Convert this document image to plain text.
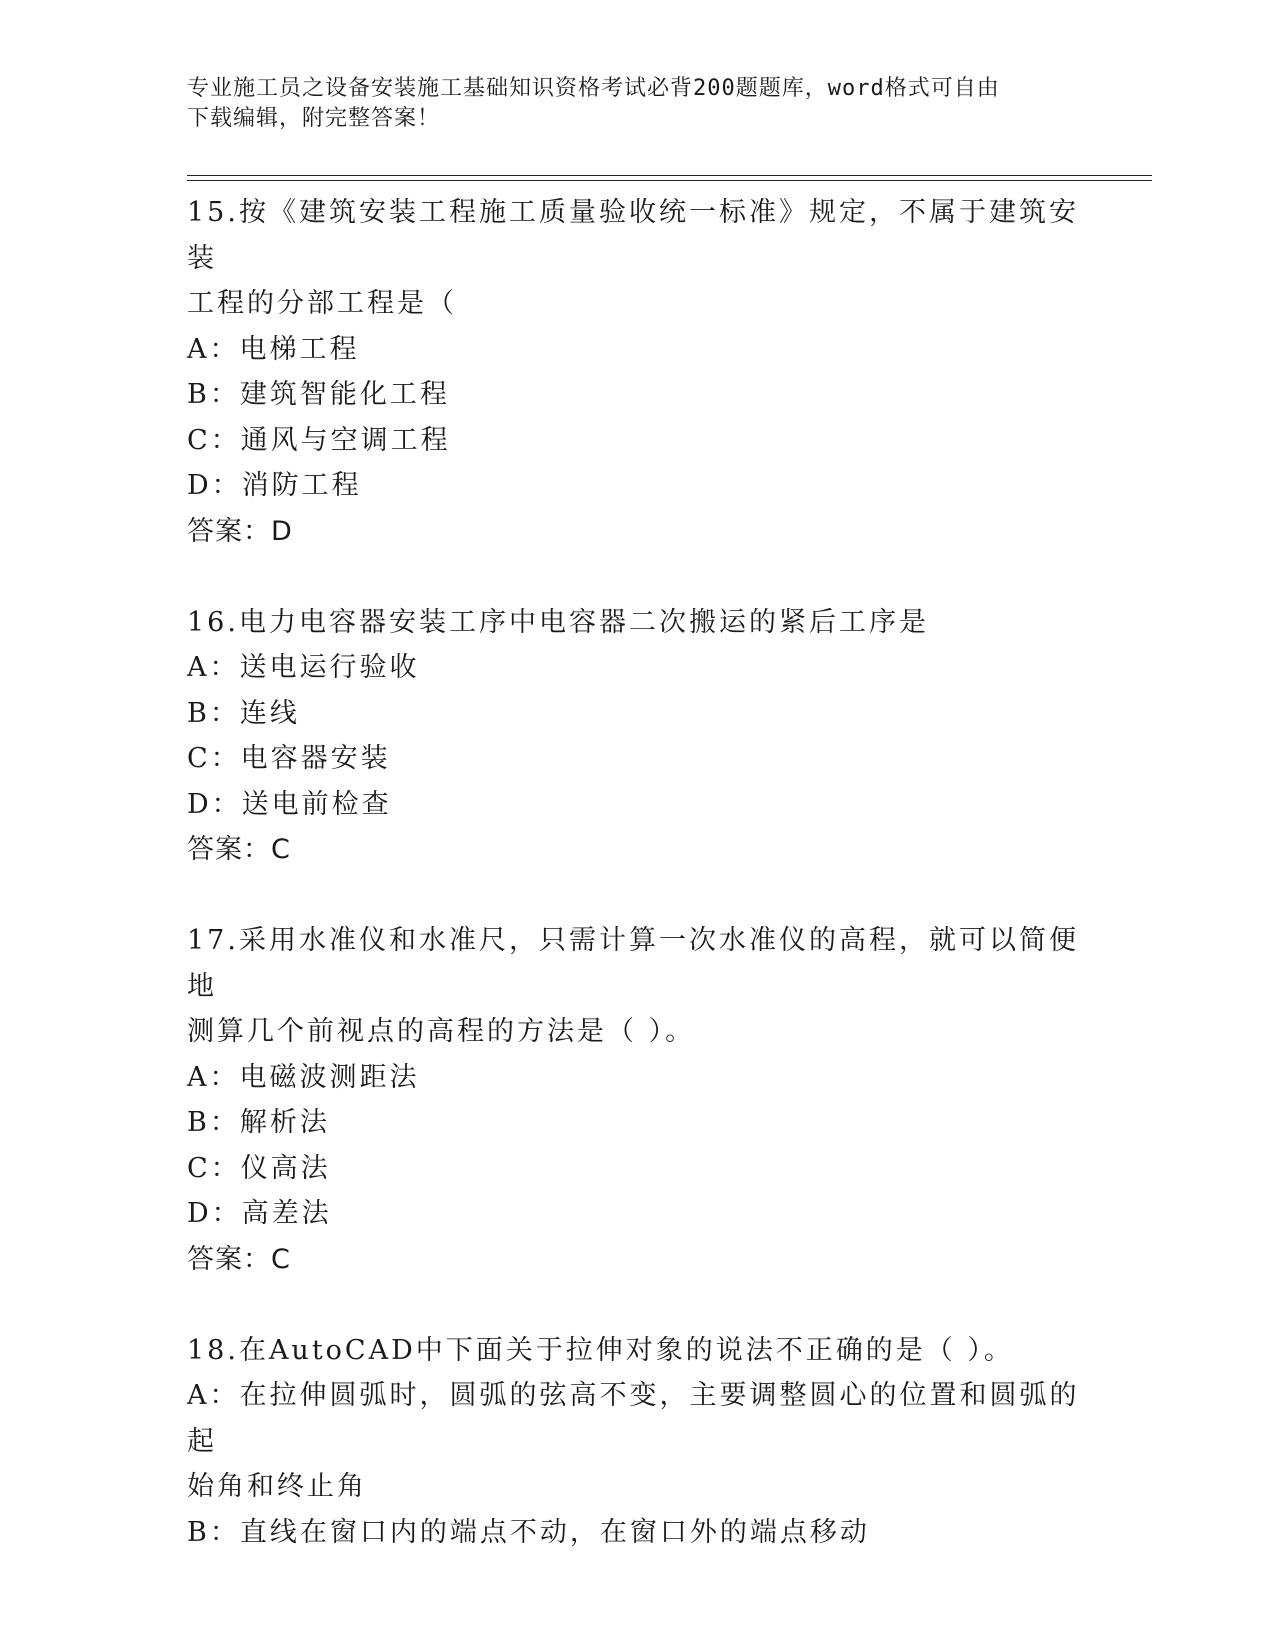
专业施工员之设备安装施工基础知识资格考试必背200题题库，word格式可自由
下载编辑，附完整答案！
15.按《建筑安装工程施工质量验收统一标准》规定，不属于建筑安装
工程的分部工程是（
A：电梯工程
B：建筑智能化工程
C：通风与空调工程
D：消防工程
答案：D
16.电力电容器安装工序中电容器二次搬运的紧后工序是
A：送电运行验收
B：连线
C：电容器安装
D：送电前检查
答案：C
17.采用水准仪和水准尺，只需计算一次水准仪的高程，就可以简便地
测算几个前视点的高程的方法是（ ）。
A：电磁波测距法
B：解析法
C：仪高法
D：高差法
答案：C
18.在AutoCAD中下面关于拉伸对象的说法不正确的是（ ）。
A：在拉伸圆弧时，圆弧的弦高不变，主要调整圆心的位置和圆弧的起
始角和终止角
B：直线在窗口内的端点不动，在窗口外的端点移动
